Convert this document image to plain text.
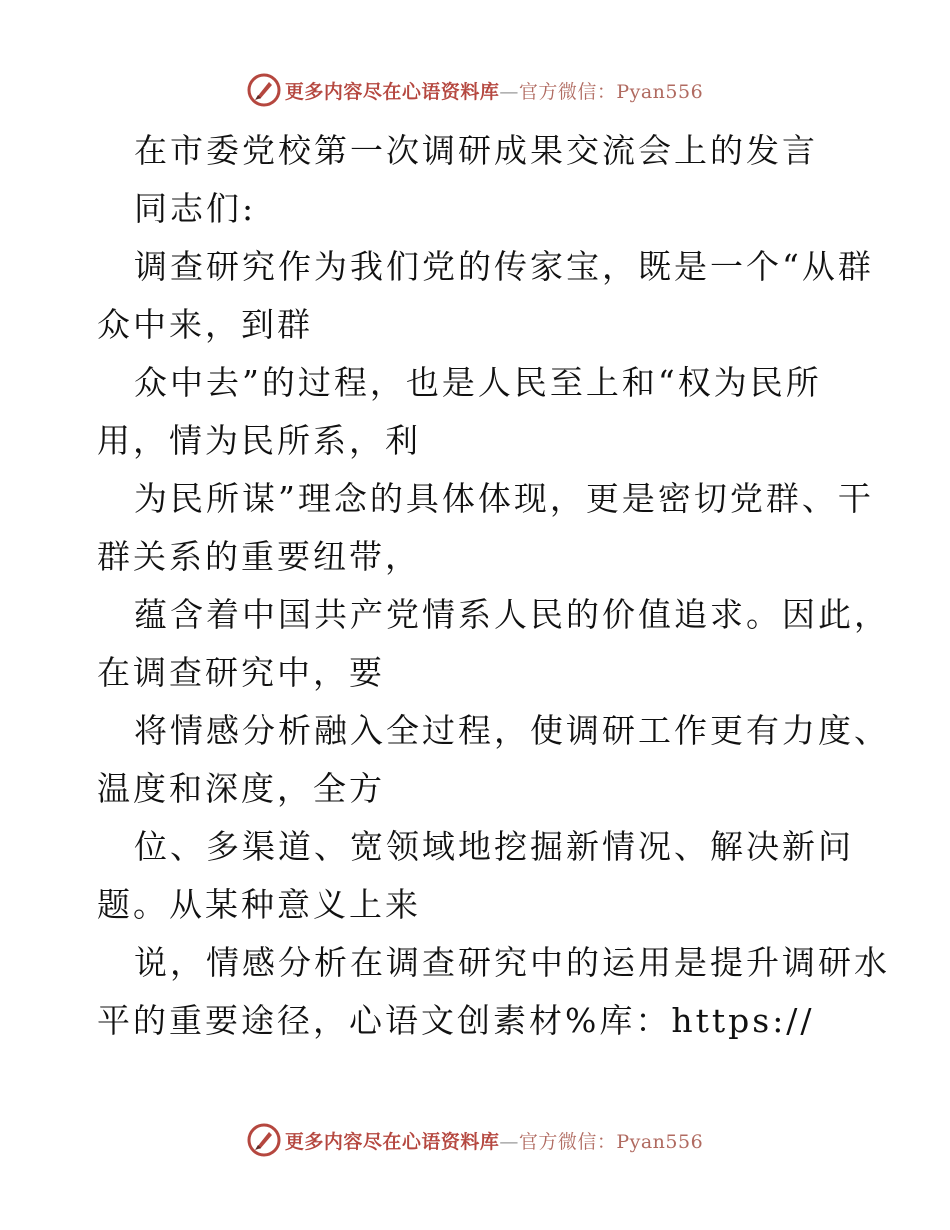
更多内容尽在心语资料库—官方微信：Pyan556
在市委党校第一次调研成果交流会上的发言
同志们:
调查研究作为我们党的传家宝，既是一个“从群
众中来，到群
众中去”的过程，也是人民至上和“权为民所
用，情为民所系，利
为民所谋”理念的具体体现，更是密切党群、干
群关系的重要纽带，
蕴含着中国共产党情系人民的价值追求。因此，
在调查研究中，要
将情感分析融入全过程，使调研工作更有力度、
温度和深度，全方
位、多渠道、宽领域地挖掘新情况、解决新问
题。从某种意义上来
说，情感分析在调查研究中的运用是提升调研水
平的重要途径，心语文创素材%库：https://
更多内容尽在心语资料库—官方微信：Pyan556
